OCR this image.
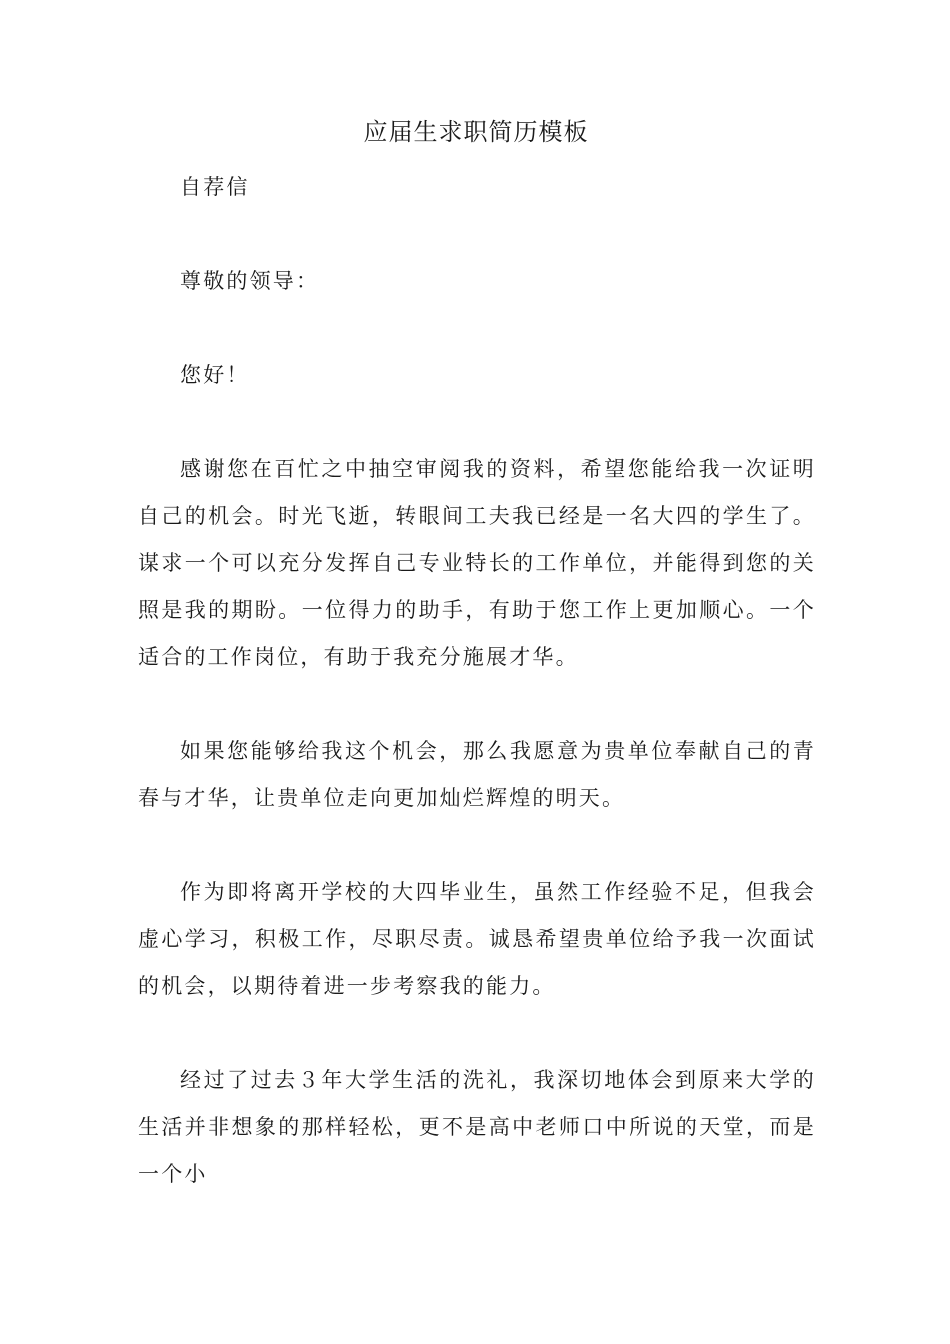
应届生求职简历模板

自荐信

尊敬的领导：

您好！

感谢您在百忙之中抽空审阅我的资料，希望您能给我一次证明自己的机会。时光飞逝，转眼间工夫我已经是一名大四的学生了。谋求一个可以充分发挥自己专业特长的工作单位，并能得到您的关照是我的期盼。一位得力的助手，有助于您工作上更加顺心。一个适合的工作岗位，有助于我充分施展才华。

如果您能够给我这个机会，那么我愿意为贵单位奉献自己的青春与才华，让贵单位走向更加灿烂辉煌的明天。

作为即将离开学校的大四毕业生，虽然工作经验不足，但我会虚心学习，积极工作，尽职尽责。诚恳希望贵单位给予我一次面试的机会，以期待着进一步考察我的能力。

经过了过去３年大学生活的洗礼，我深切地体会到原来大学的生活并非想象的那样轻松，更不是高中老师口中所说的天堂，而是一个小
